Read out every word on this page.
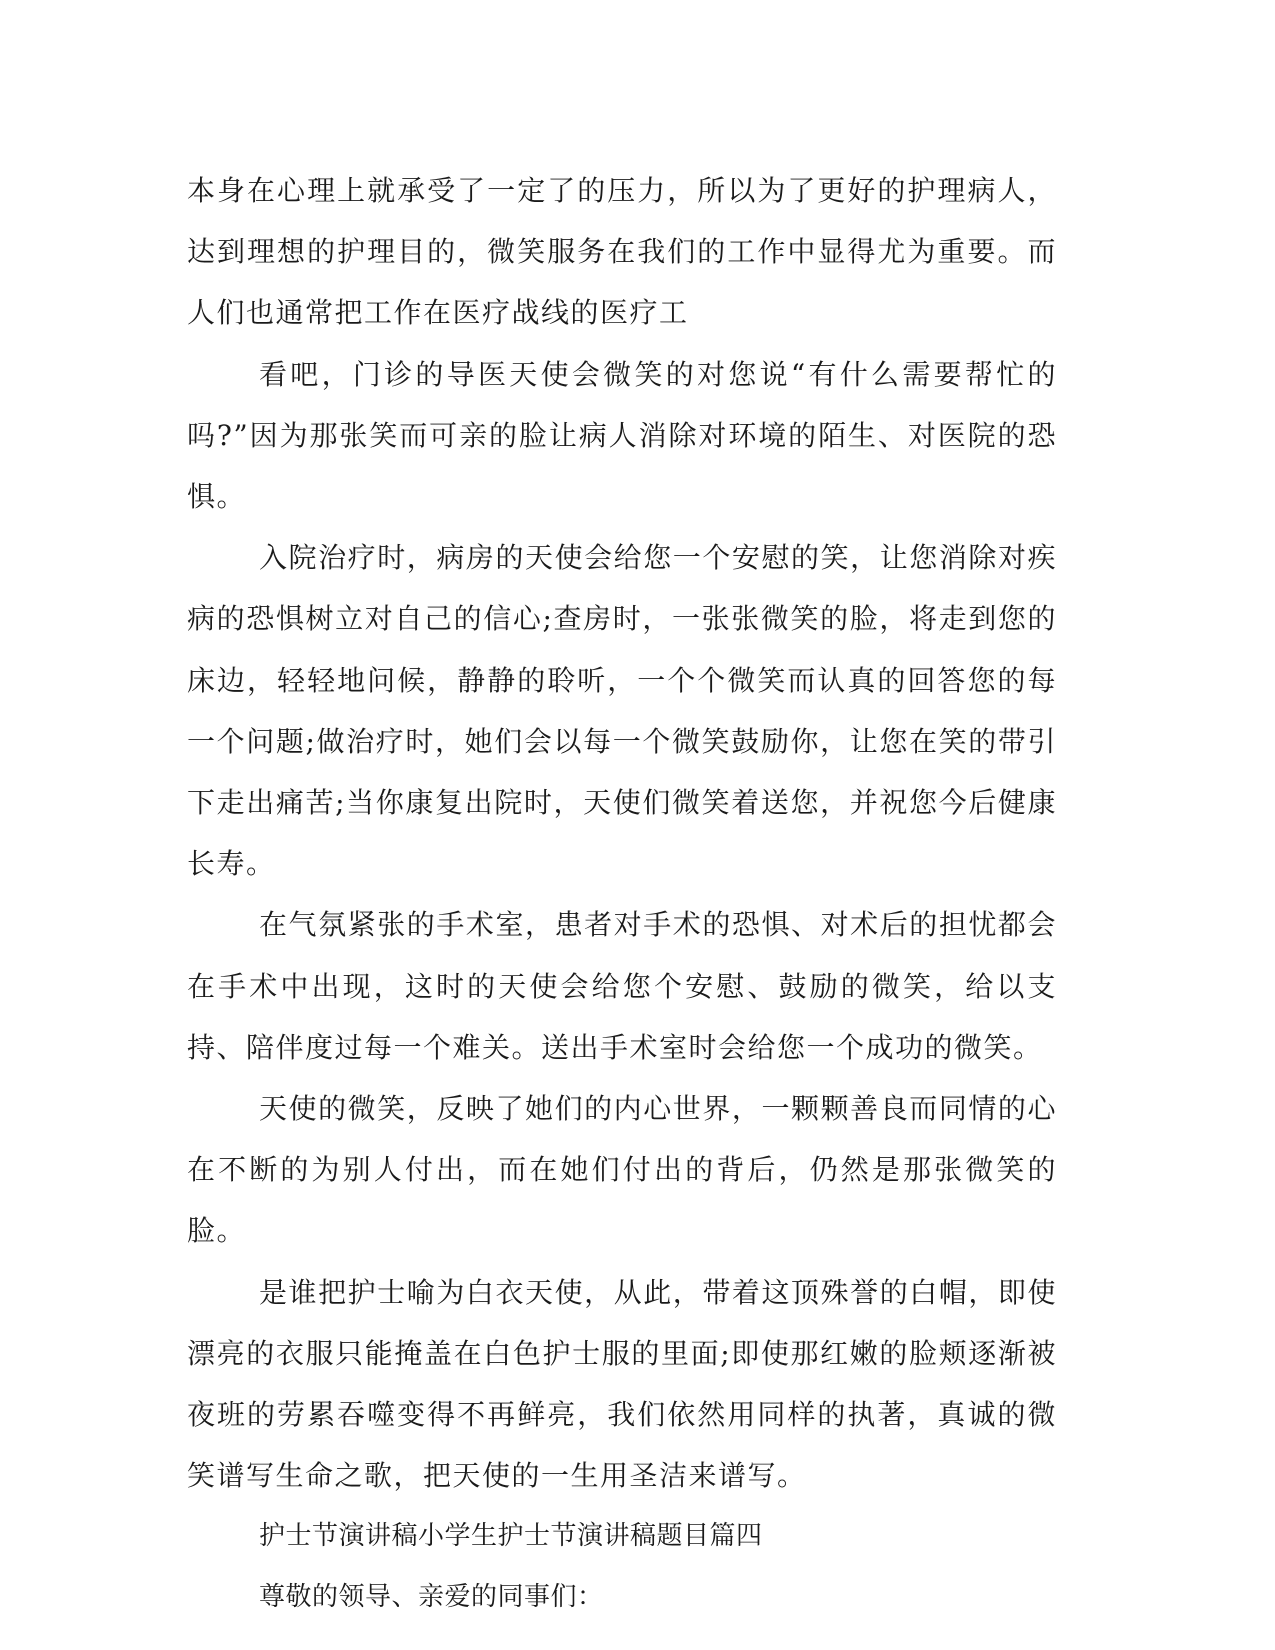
本身在心理上就承受了一定了的压力，所以为了更好的护理病人，达到理想的护理目的，微笑服务在我们的工作中显得尤为重要。而人们也通常把工作在医疗战线的医疗工

看吧，门诊的导医天使会微笑的对您说“有什么需要帮忙的吗?”因为那张笑而可亲的脸让病人消除对环境的陌生、对医院的恐惧。

入院治疗时，病房的天使会给您一个安慰的笑，让您消除对疾病的恐惧树立对自己的信心;查房时，一张张微笑的脸，将走到您的床边，轻轻地问候，静静的聆听，一个个微笑而认真的回答您的每一个问题;做治疗时，她们会以每一个微笑鼓励你，让您在笑的带引下走出痛苦;当你康复出院时，天使们微笑着送您，并祝您今后健康长寿。

在气氛紧张的手术室，患者对手术的恐惧、对术后的担忧都会在手术中出现，这时的天使会给您个安慰、鼓励的微笑，给以支持、陪伴度过每一个难关。送出手术室时会给您一个成功的微笑。

天使的微笑，反映了她们的内心世界，一颗颗善良而同情的心在不断的为别人付出，而在她们付出的背后，仍然是那张微笑的脸。

是谁把护士喻为白衣天使，从此，带着这顶殊誉的白帽，即使漂亮的衣服只能掩盖在白色护士服的里面;即使那红嫩的脸颊逐渐被夜班的劳累吞噬变得不再鲜亮，我们依然用同样的执著，真诚的微笑谱写生命之歌，把天使的一生用圣洁来谱写。

护士节演讲稿小学生护士节演讲稿题目篇四

尊敬的领导、亲爱的同事们：
